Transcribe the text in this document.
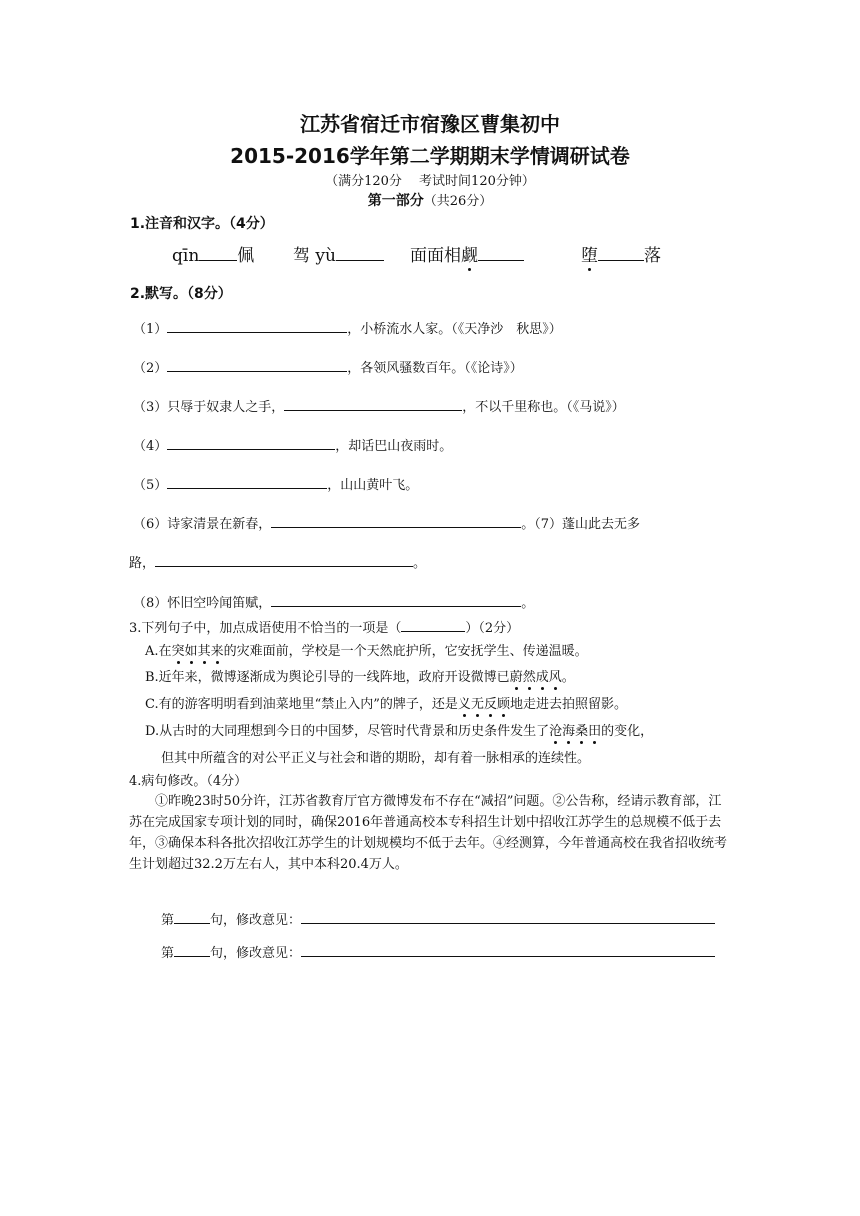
江苏省宿迁市宿豫区曹集初中
2015-2016学年第二学期期末学情调研试卷
（满分120分　 考试时间120分钟）
第一部分（共26分）
1.注音和汉字。（4分）
qīn 佩 驾 yù	面面相觑	堕	落
2.默写。（8分）
（1）	，小桥流水人家。（《天净沙　秋思》）
（2）	，各领风骚数百年。（《论诗》）
（3）只辱于奴隶人之手，	，不以千里称也。（《马说》）
（4）	，却话巴山夜雨时。
（5）	，山山黄叶飞。
（6）诗家清景在新春，	。（7）蓬山此去无多
路，	。
（8）怀旧空吟闻笛赋，	。
3.下列句子中，加点成语使用不恰当的一项是（	）（2分）
A.在突如其来的灾难面前，学校是一个天然庇护所，它安抚学生、传递温暖。
B.近年来，微博逐渐成为舆论引导的一线阵地，政府开设微博已蔚然成风。
C.有的游客明明看到油菜地里“禁止入内”的牌子，还是义无反顾地走进去拍照留影。
D.从古时的大同理想到今日的中国梦，尽管时代背景和历史条件发生了沧海桑田的变化，
但其中所蕴含的对公平正义与社会和谐的期盼，却有着一脉相承的连续性。
4.病句修改。（4分）
①昨晚23时50分许，江苏省教育厅官方微博发布不存在“减招”问题。②公告称，经请示教育部，江苏在完成国家专项计划的同时，确保2016年普通高校本专科招生计划中招收江苏学生的总规模不低于去年，③确保本科各批次招收江苏学生的计划规模均不低于去年。④经测算，今年普通高校在我省招收统考生计划超过32.2万左右人，其中本科20.4万人。
第	句，修改意见：
第	句，修改意见：
